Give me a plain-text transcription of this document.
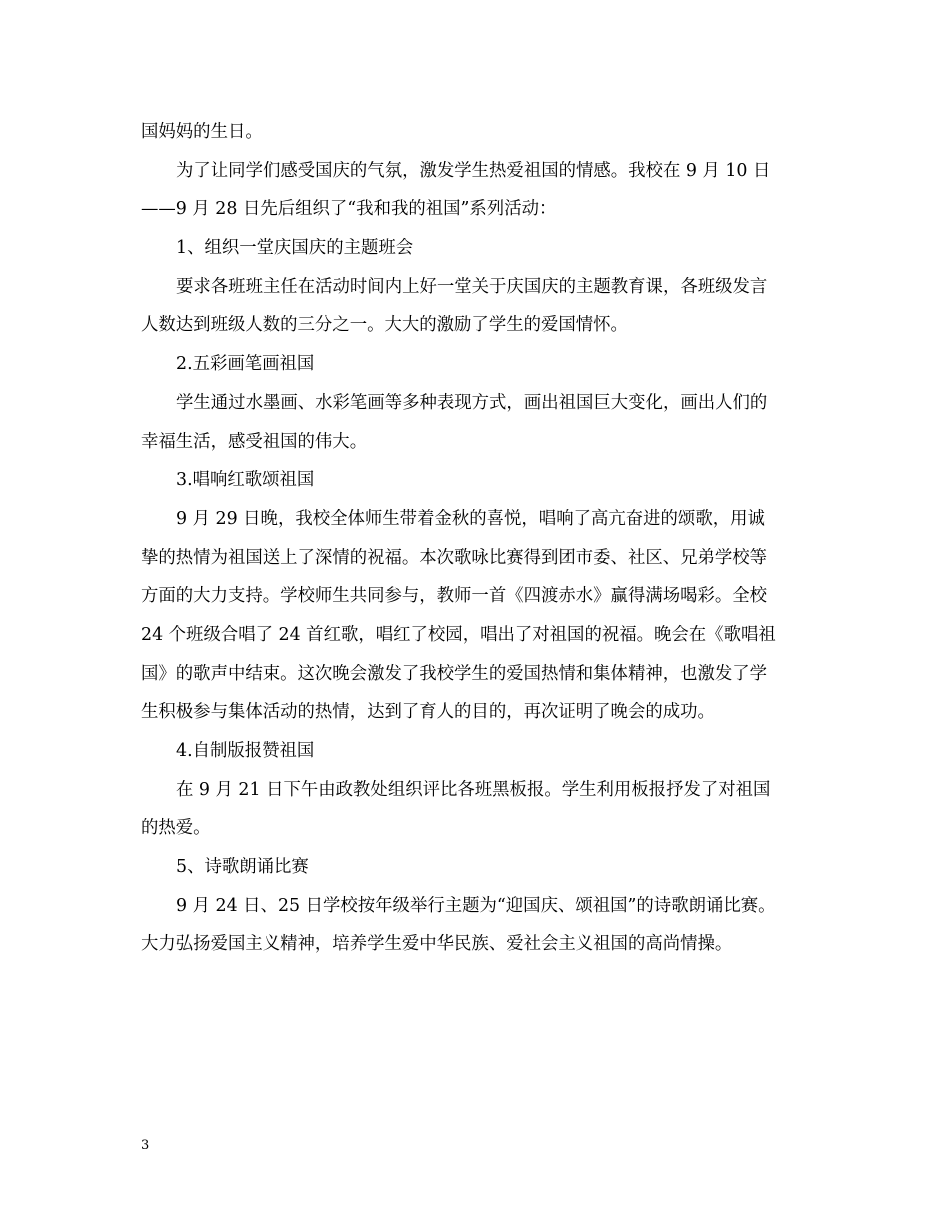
国妈妈的生日。

为了让同学们感受国庆的气氛，激发学生热爱祖国的情感。我校在 9 月 10 日

——9 月 28 日先后组织了“我和我的祖国”系列活动：

1、组织一堂庆国庆的主题班会

要求各班班主任在活动时间内上好一堂关于庆国庆的主题教育课，各班级发言

人数达到班级人数的三分之一。大大的激励了学生的爱国情怀。

2.五彩画笔画祖国

学生通过水墨画、水彩笔画等多种表现方式，画出祖国巨大变化，画出人们的

幸福生活，感受祖国的伟大。

3.唱响红歌颂祖国

9 月 29 日晚，我校全体师生带着金秋的喜悦，唱响了高亢奋进的颂歌，用诚

挚的热情为祖国送上了深情的祝福。本次歌咏比赛得到团市委、社区、兄弟学校等

方面的大力支持。学校师生共同参与，教师一首《四渡赤水》赢得满场喝彩。全校

24 个班级合唱了 24 首红歌，唱红了校园，唱出了对祖国的祝福。晚会在《歌唱祖

国》的歌声中结束。这次晚会激发了我校学生的爱国热情和集体精神，也激发了学

生积极参与集体活动的热情，达到了育人的目的，再次证明了晚会的成功。

4.自制版报赞祖国

在 9 月 21 日下午由政教处组织评比各班黑板报。学生利用板报抒发了对祖国

的热爱。

5、诗歌朗诵比赛

9 月 24 日、25 日学校按年级举行主题为“迎国庆、颂祖国”的诗歌朗诵比赛。

大力弘扬爱国主义精神，培养学生爱中华民族、爱社会主义祖国的高尚情操。

3
